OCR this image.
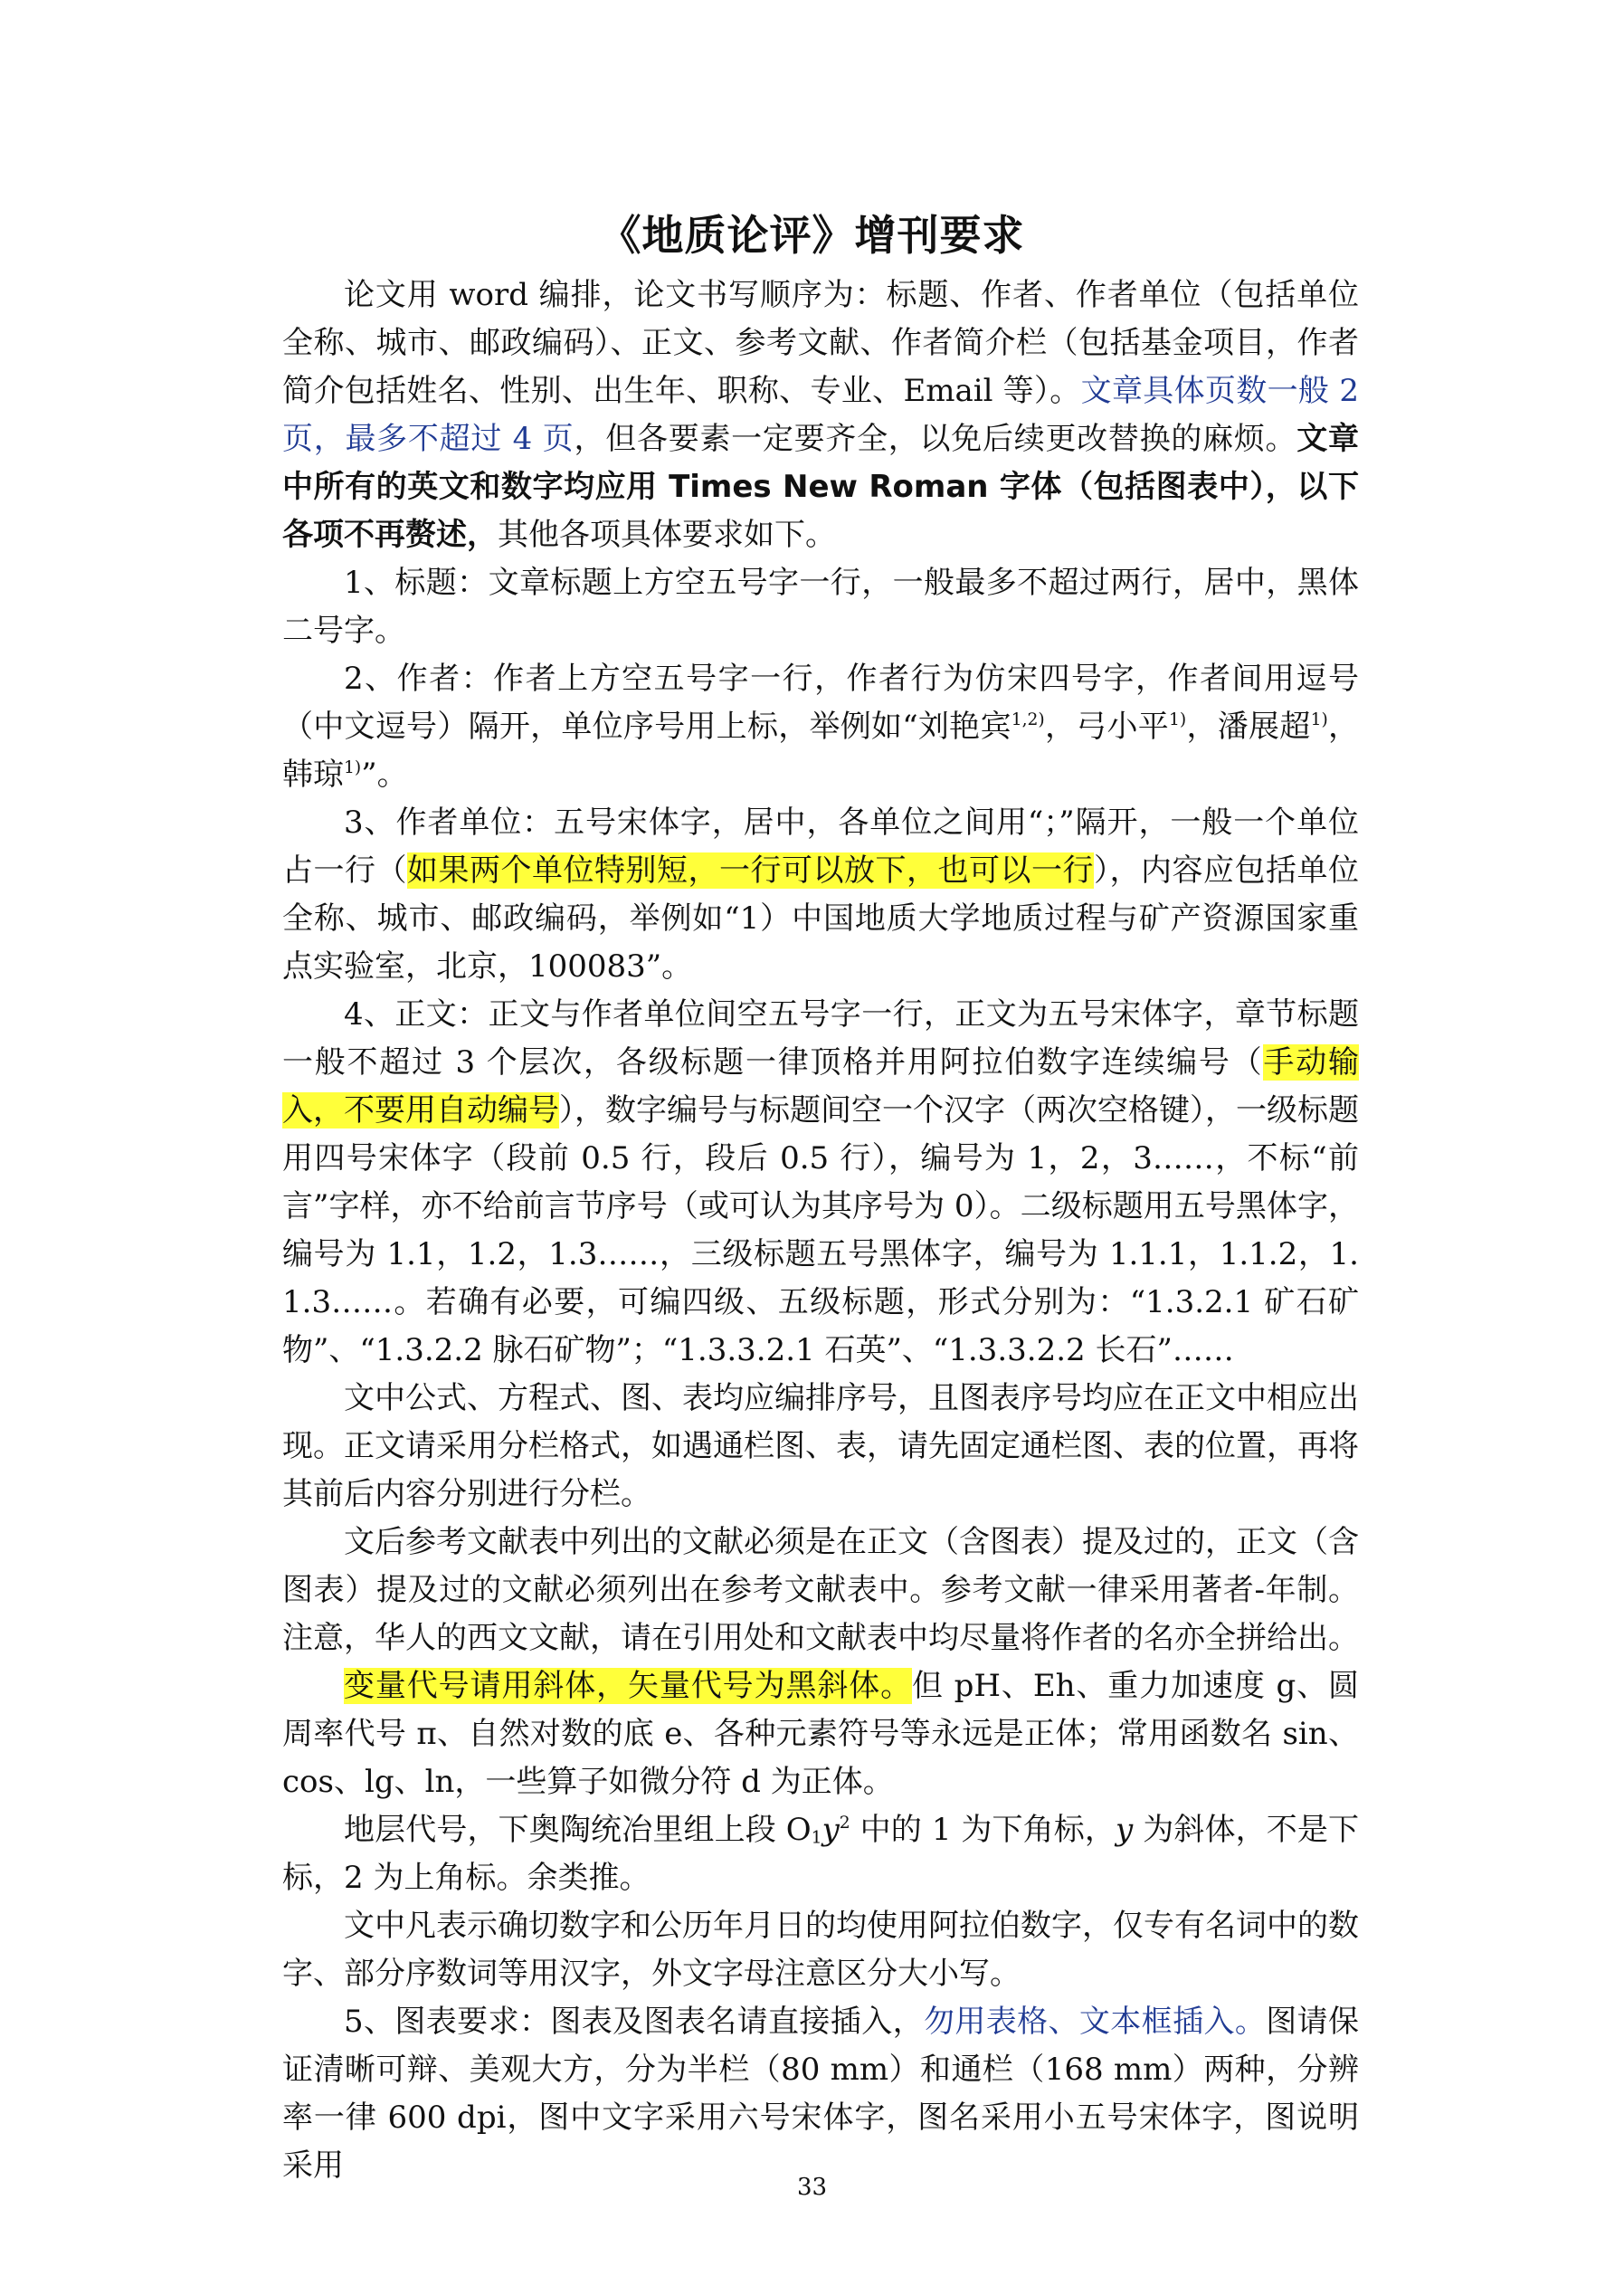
《地质论评》增刊要求

论文用 word 编排，论文书写顺序为：标题、作者、作者单位（包括单位全称、城市、邮政编码）、正文、参考文献、作者简介栏（包括基金项目，作者简介包括姓名、性别、出生年、职称、专业、Email 等）。文章具体页数一般 2 页，最多不超过 4 页，但各要素一定要齐全，以免后续更改替换的麻烦。文章中所有的英文和数字均应用 Times New Roman 字体（包括图表中），以下各项不再赘述，其他各项具体要求如下。

1、标题：文章标题上方空五号字一行，一般最多不超过两行，居中，黑体二号字。

2、作者：作者上方空五号字一行，作者行为仿宋四号字，作者间用逗号（中文逗号）隔开，单位序号用上标，举例如“刘艳宾$^{1,2)}$，弓小平$^{1)}$，潘展超$^{1)}$，韩琼$^{1)}$”。

3、作者单位：五号宋体字，居中，各单位之间用“；”隔开，一般一个单位占一行（如果两个单位特别短，一行可以放下，也可以一行），内容应包括单位全称、城市、邮政编码，举例如“1）中国地质大学地质过程与矿产资源国家重点实验室，北京，100083”。

4、正文：正文与作者单位间空五号字一行，正文为五号宋体字，章节标题一般不超过 3 个层次，各级标题一律顶格并用阿拉伯数字连续编号（手动输入，不要用自动编号），数字编号与标题间空一个汉字（两次空格键），一级标题用四号宋体字（段前 0.5 行，段后 0.5 行），编号为 1，2，3……，不标“前言”字样，亦不给前言节序号（或可认为其序号为 0）。二级标题用五号黑体字，编号为 1.1，1.2，1.3……，三级标题五号黑体字，编号为 1.1.1，1.1.2，1.1.3……。若确有必要，可编四级、五级标题，形式分别为：“1.3.2.1 矿石矿物”、“1.3.2.2 脉石矿物”；“1.3.3.2.1 石英”、“1.3.3.2.2 长石”……

文中公式、方程式、图、表均应编排序号，且图表序号均应在正文中相应出现。正文请采用分栏格式，如遇通栏图、表，请先固定通栏图、表的位置，再将其前后内容分别进行分栏。

文后参考文献表中列出的文献必须是在正文（含图表）提及过的，正文（含图表）提及过的文献必须列出在参考文献表中。参考文献一律采用著者-年制。注意，华人的西文文献，请在引用处和文献表中均尽量将作者的名亦全拼给出。

变量代号请用斜体，矢量代号为黑斜体。但 pH、Eh、重力加速度 g、圆周率代号 π、自然对数的底 e、各种元素符号等永远是正体；常用函数名 sin、cos、lg、ln，一些算子如微分符 d 为正体。

地层代号，下奥陶统冶里组上段 $O_1y^2$ 中的 1 为下角标，y 为斜体，不是下标，2 为上角标。余类推。

文中凡表示确切数字和公历年月日的均使用阿拉伯数字，仅专有名词中的数字、部分序数词等用汉字，外文字母注意区分大小写。

5、图表要求：图表及图表名请直接插入，勿用表格、文本框插入。图请保证清晰可辩、美观大方，分为半栏（80 mm）和通栏（168 mm）两种，分辨率一律 600 dpi，图中文字采用六号宋体字，图名采用小五号宋体字，图说明采用

33
